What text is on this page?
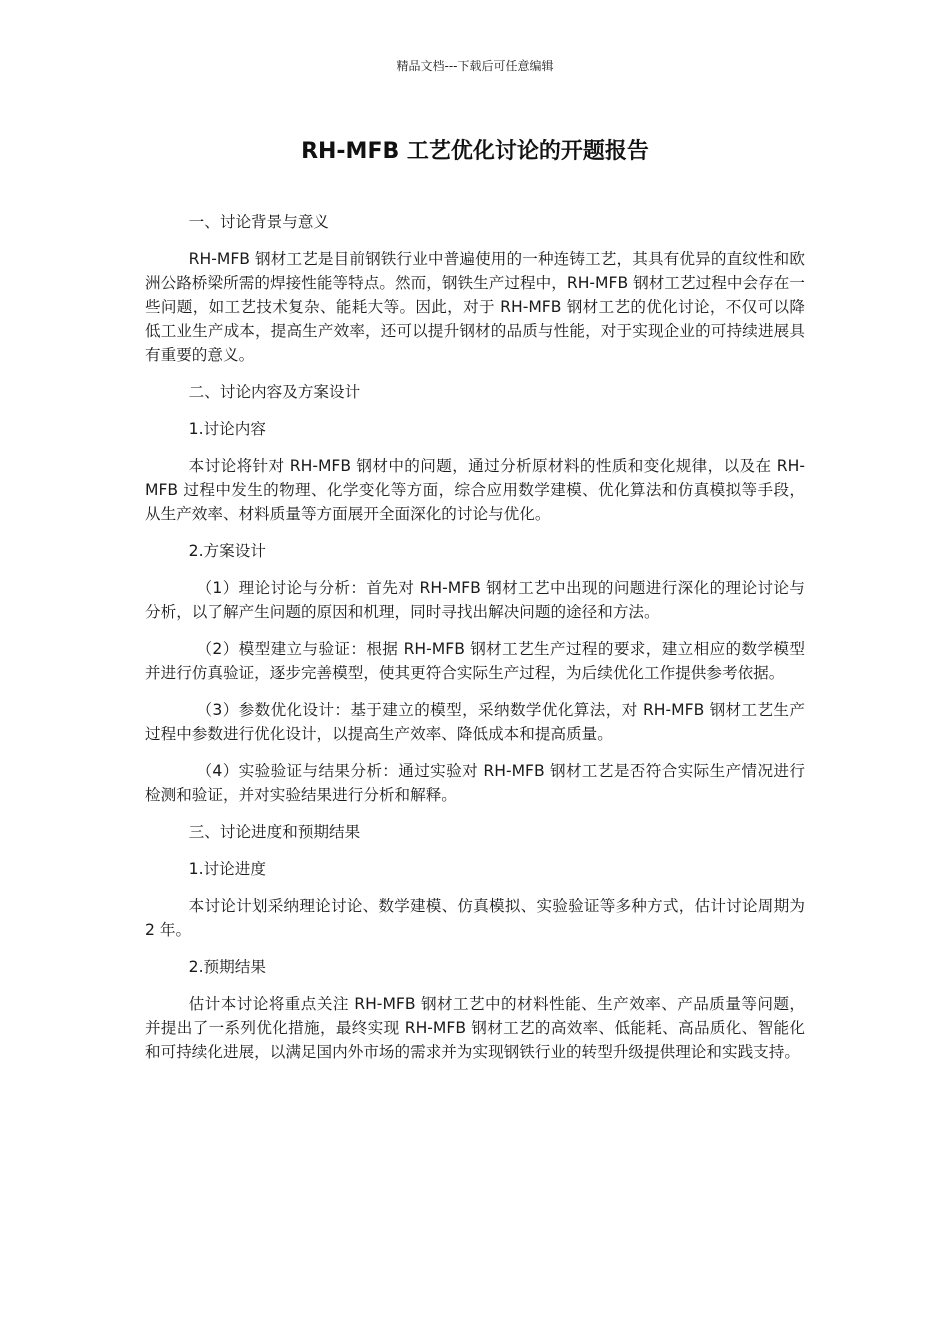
精品文档---下载后可任意编辑
RH-MFB 工艺优化讨论的开题报告

一、讨论背景与意义

RH-MFB 钢材工艺是目前钢铁行业中普遍使用的一种连铸工艺，其具有优异的直纹性和欧洲公路桥梁所需的焊接性能等特点。然而，钢铁生产过程中，RH-MFB 钢材工艺过程中会存在一些问题，如工艺技术复杂、能耗大等。因此，对于 RH-MFB 钢材工艺的优化讨论，不仅可以降低工业生产成本，提高生产效率，还可以提升钢材的品质与性能，对于实现企业的可持续进展具有重要的意义。

二、讨论内容及方案设计

1.讨论内容

本讨论将针对 RH-MFB 钢材中的问题，通过分析原材料的性质和变化规律，以及在 RH-MFB 过程中发生的物理、化学变化等方面，综合应用数学建模、优化算法和仿真模拟等手段，从生产效率、材料质量等方面展开全面深化的讨论与优化。

2.方案设计

（1）理论讨论与分析：首先对 RH-MFB 钢材工艺中出现的问题进行深化的理论讨论与分析，以了解产生问题的原因和机理，同时寻找出解决问题的途径和方法。

（2）模型建立与验证：根据 RH-MFB 钢材工艺生产过程的要求，建立相应的数学模型并进行仿真验证，逐步完善模型，使其更符合实际生产过程，为后续优化工作提供参考依据。

（3）参数优化设计：基于建立的模型，采纳数学优化算法，对 RH-MFB 钢材工艺生产过程中参数进行优化设计，以提高生产效率、降低成本和提高质量。

（4）实验验证与结果分析：通过实验对 RH-MFB 钢材工艺是否符合实际生产情况进行检测和验证，并对实验结果进行分析和解释。

三、讨论进度和预期结果

1.讨论进度

本讨论计划采纳理论讨论、数学建模、仿真模拟、实验验证等多种方式，估计讨论周期为 2 年。

2.预期结果

估计本讨论将重点关注 RH-MFB 钢材工艺中的材料性能、生产效率、产品质量等问题，并提出了一系列优化措施，最终实现 RH-MFB 钢材工艺的高效率、低能耗、高品质化、智能化和可持续化进展，以满足国内外市场的需求并为实现钢铁行业的转型升级提供理论和实践支持。
